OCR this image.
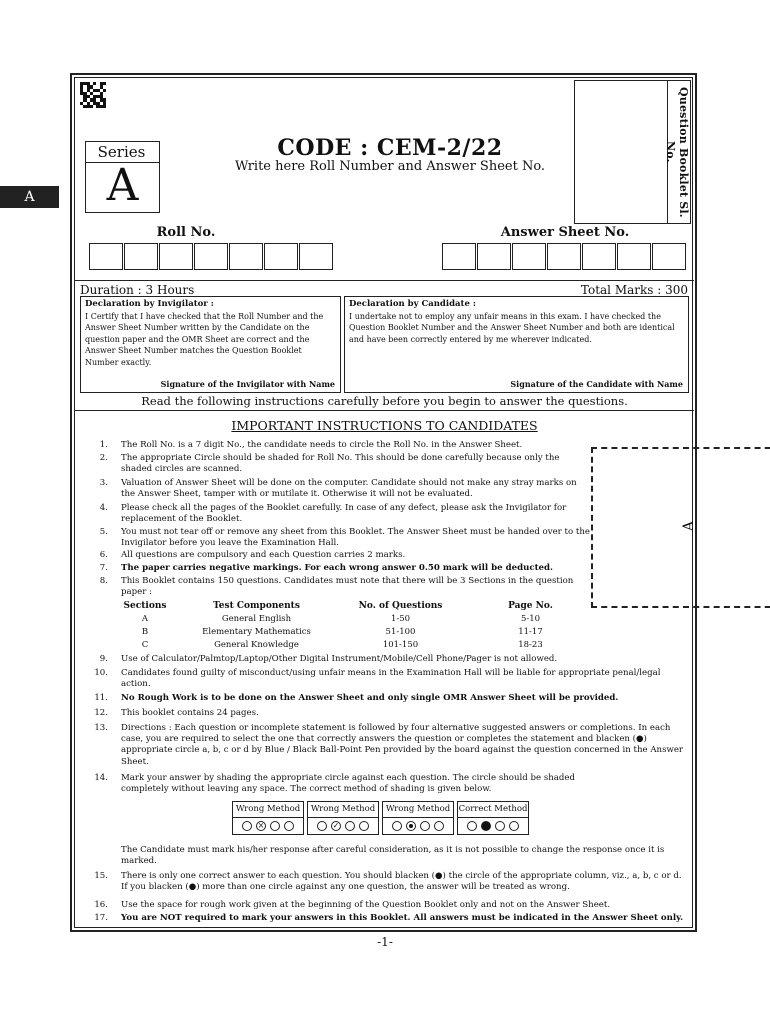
Question Booklet Sl. No.
A
Series
A
CODE : CEM-2/22
Write here Roll Number and Answer Sheet No.
Roll No.	Answer Sheet No.
Duration : 3 Hours	Total Marks : 300
Declaration by Invigilator :
I Certify that I have checked that the Roll Number and the Answer Sheet Number written by the Candidate on the question paper and the OMR Sheet are correct and the Answer Sheet Number matches the Question Booklet Number exactly.
Signature of the Invigilator with Name
Declaration by Candidate :
I undertake not to employ any unfair means in this exam. I have checked the Question Booklet Number and the Answer Sheet Number and both are identical and have been correctly entered by me wherever indicated.
Signature of the Candidate with Name
Read the following instructions carefully before you begin to answer the questions.
IMPORTANT INSTRUCTIONS TO CANDIDATES
A
1. The Roll No. is a 7 digit No., the candidate needs to circle the Roll No. in the Answer Sheet.
2. The appropriate Circle should be shaded for Roll No. This should be done carefully because only the shaded circles are scanned.
3. Valuation of Answer Sheet will be done on the computer. Candidate should not make any stray marks on the Answer Sheet, tamper with or mutilate it. Otherwise it will not be evaluated.
4. Please check all the pages of the Booklet carefully. In case of any defect, please ask the Invigilator for replacement of the Booklet.
5. You must not tear off or remove any sheet from this Booklet. The Answer Sheet must be handed over to the Invigilator before you leave the Examination Hall.
6. All questions are compulsory and each Question carries 2 marks.
7. The paper carries negative markings. For each wrong answer 0.50 mark will be deducted.
8. This Booklet contains 150 questions. Candidates must note that there will be 3 Sections in the question paper :
9. Use of Calculator/Palmtop/Laptop/Other Digital Instrument/Mobile/Cell Phone/Pager is not allowed.
10. Candidates found guilty of misconduct/using unfair means in the Examination Hall will be liable for appropriate penal/legal action.
11. No Rough Work is to be done on the Answer Sheet and only single OMR Answer Sheet will be provided.
12. This booklet contains 24 pages.
13. Directions : Each question or incomplete statement is followed by four alternative suggested answers or completions. In each case, you are required to select the one that correctly answers the question or completes the statement and blacken (●) appropriate circle a, b, c or d by Blue / Black Ball-Point Pen provided by the board against the question concerned in the Answer Sheet.
14. Mark your answer by shading the appropriate circle against each question. The circle should be shaded completely without leaving any space. The correct method of shading is given below.
The Candidate must mark his/her response after careful consideration, as it is not possible to change the response once it is marked.
15. There is only one correct answer to each question. You should blacken (●) the circle of the appropriate column, viz., a, b, c or d. If you blacken (●) more than one circle against any one question, the answer will be treated as wrong.
16. Use the space for rough work given at the beginning of the Question Booklet only and not on the Answer Sheet.
17. You are NOT required to mark your answers in this Booklet. All answers must be indicated in the Answer Sheet only.
Sections	Test Components	No. of Questions	Page No.
A	General English	1-50	5-10
B	Elementary Mathematics	51-100	11-17
C	General Knowledge	101-150	18-23
Wrong Method
×
Wrong Method
✓
Wrong Method Correct Method
-1-
